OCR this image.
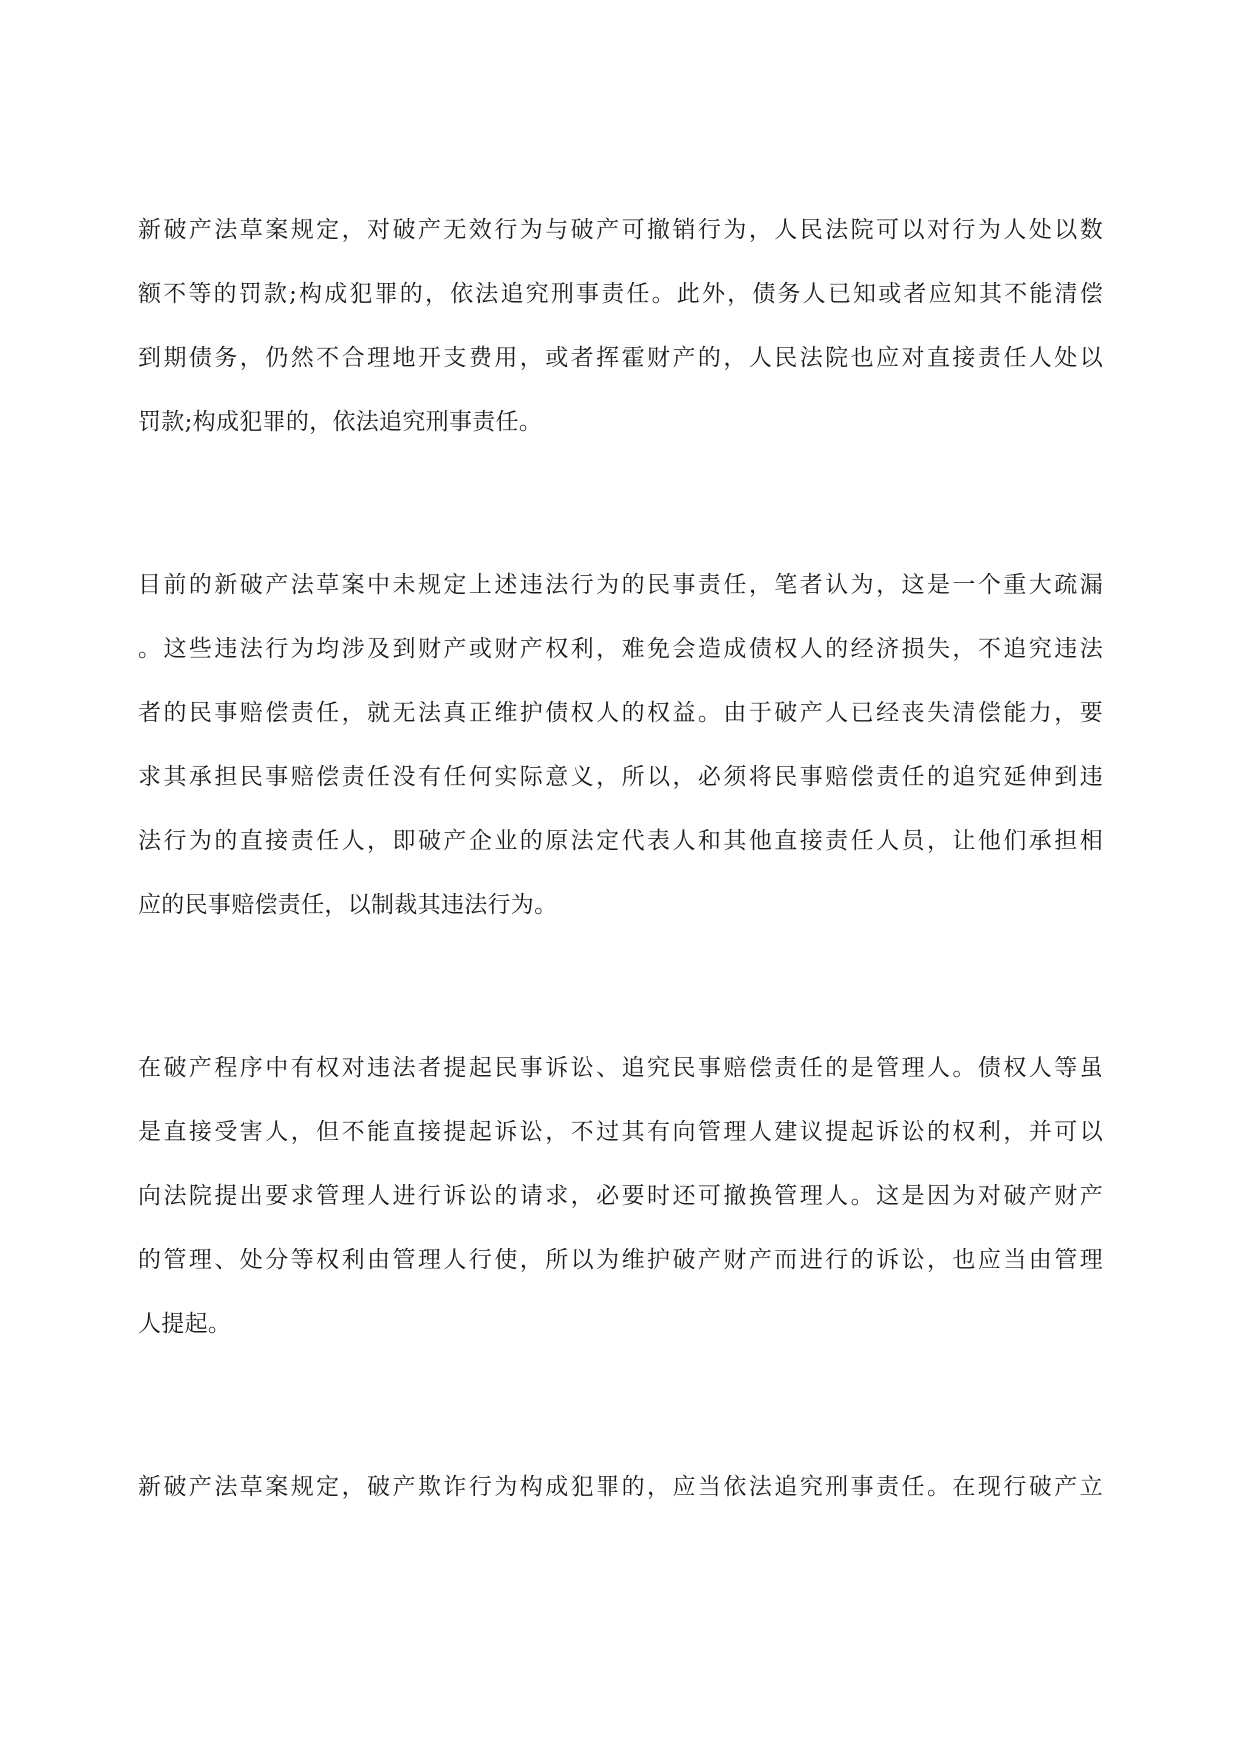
新破产法草案规定，对破产无效行为与破产可撤销行为，人民法院可以对行为人处以数
额不等的罚款;构成犯罪的，依法追究刑事责任。此外，债务人已知或者应知其不能清偿
到期债务，仍然不合理地开支费用，或者挥霍财产的，人民法院也应对直接责任人处以
罚款;构成犯罪的，依法追究刑事责任。
目前的新破产法草案中未规定上述违法行为的民事责任，笔者认为，这是一个重大疏漏
。这些违法行为均涉及到财产或财产权利，难免会造成债权人的经济损失，不追究违法
者的民事赔偿责任，就无法真正维护债权人的权益。由于破产人已经丧失清偿能力，要
求其承担民事赔偿责任没有任何实际意义，所以，必须将民事赔偿责任的追究延伸到违
法行为的直接责任人，即破产企业的原法定代表人和其他直接责任人员，让他们承担相
应的民事赔偿责任，以制裁其违法行为。
在破产程序中有权对违法者提起民事诉讼、追究民事赔偿责任的是管理人。债权人等虽
是直接受害人，但不能直接提起诉讼，不过其有向管理人建议提起诉讼的权利，并可以
向法院提出要求管理人进行诉讼的请求，必要时还可撤换管理人。这是因为对破产财产
的管理、处分等权利由管理人行使，所以为维护破产财产而进行的诉讼，也应当由管理
人提起。
新破产法草案规定，破产欺诈行为构成犯罪的，应当依法追究刑事责任。在现行破产立
